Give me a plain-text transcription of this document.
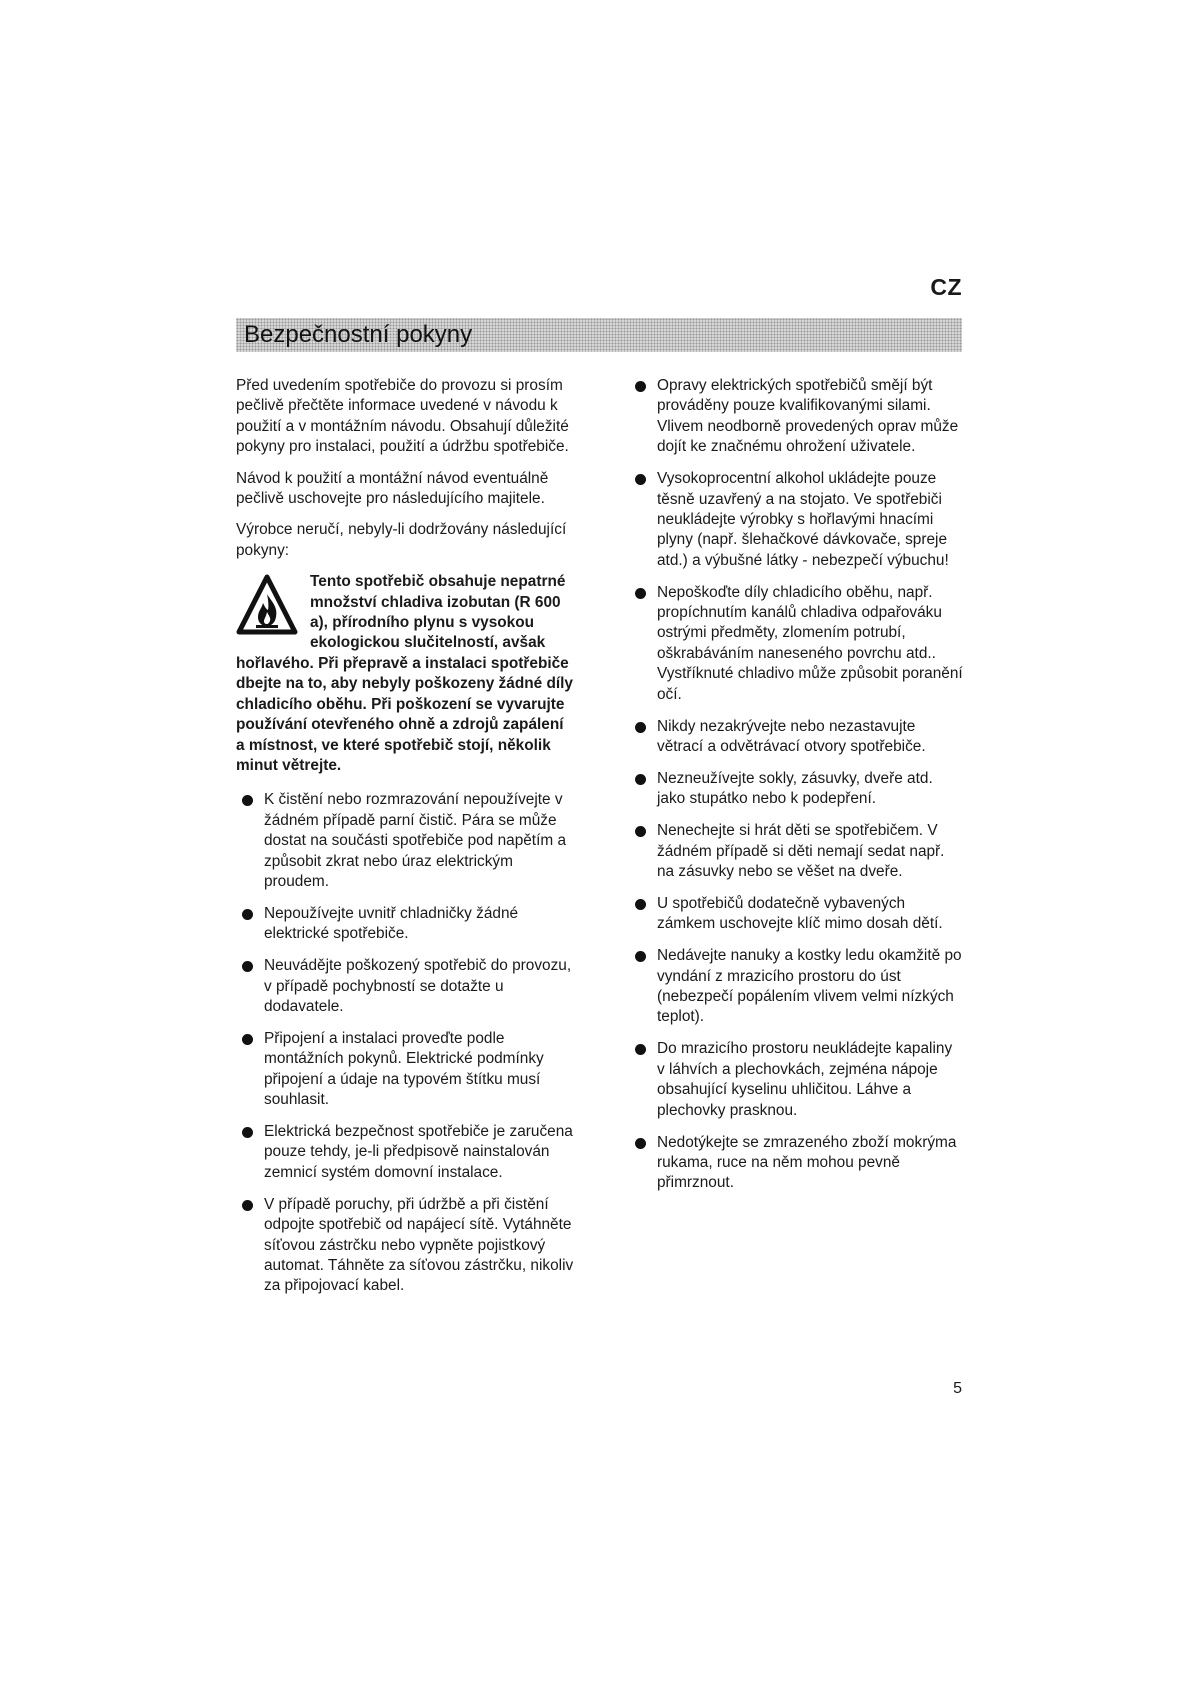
CZ
Bezpečnostní pokyny

Před uvedením spotřebiče do provozu si prosím pečlivě přečtěte informace uvedené v návodu k použití a v montážním návodu. Obsahují důležité pokyny pro instalaci, použití a údržbu spotřebiče.

Návod k použití a montážní návod eventuálně pečlivě uschovejte pro následujícího majitele.

Výrobce neručí, nebyly-li dodržovány následující pokyny:

Tento spotřebič obsahuje nepatrné množství chladiva izobutan (R 600 a), přírodního plynu s vysokou ekologickou slučitelností, avšak hořlavého. Při přepravě a instalaci spotřebiče dbejte na to, aby nebyly poškozeny žádné díly chladicího oběhu. Při poškození se vyvarujte používání otevřeného ohně a zdrojů zapálení a místnost, ve které spotřebič stojí, několik minut větrejte.
K čistění nebo rozmrazování nepoužívejte v žádném případě parní čistič. Pára se může dostat na součásti spotřebiče pod napětím a způsobit zkrat nebo úraz elektrickým proudem.
Nepoužívejte uvnitř chladničky žádné elektrické spotřebiče.
Neuvádějte poškozený spotřebič do provozu, v případě pochybností se dotažte u dodavatele.
Připojení a instalaci proveďte podle montážních pokynů. Elektrické podmínky připojení a údaje na typovém štítku musí souhlasit.
Elektrická bezpečnost spotřebiče je zaručena pouze tehdy, je-li předpisově nainstalován zemnicí systém domovní instalace.
V případě poruchy, při údržbě a při čistění odpojte spotřebič od napájecí sítě. Vytáhněte síťovou zástrčku nebo vypněte pojistkový automat. Táhněte za síťovou zástrčku, nikoliv za připojovací kabel.
Opravy elektrických spotřebičů smějí být prováděny pouze kvalifikovanými silami. Vlivem neodborně provedených oprav může dojít ke značnému ohrožení uživatele.
Vysokoprocentní alkohol ukládejte pouze těsně uzavřený a na stojato. Ve spotřebiči neukládejte výrobky s hořlavými hnacími plyny (např. šlehačkové dávkovače, spreje atd.) a výbušné látky - nebezpečí výbuchu!
Nepoškoďte díly chladicího oběhu, např. propíchnutím kanálů chladiva odpařováku ostrými předměty, zlomením potrubí, oškrabáváním naneseného povrchu atd.. Vystříknuté chladivo může způsobit poranění očí.
Nikdy nezakrývejte nebo nezastavujte větrací a odvětrávací otvory spotřebiče.
Nezneužívejte sokly, zásuvky, dveře atd. jako stupátko nebo k podepření.
Nenechejte si hrát děti se spotřebičem. V žádném případě si děti nemají sedat např. na zásuvky nebo se věšet na dveře.
U spotřebičů dodatečně vybavených zámkem uschovejte klíč mimo dosah dětí.
Nedávejte nanuky a kostky ledu okamžitě po vyndání z mrazicího prostoru do úst (nebezpečí popálením vlivem velmi nízkých teplot).
Do mrazicího prostoru neukládejte kapaliny v láhvích a plechovkách, zejména nápoje obsahující kyselinu uhličitou. Láhve a plechovky prasknou.
Nedotýkejte se zmrazeného zboží mokrýma rukama, ruce na něm mohou pevně přimrznout.
5
